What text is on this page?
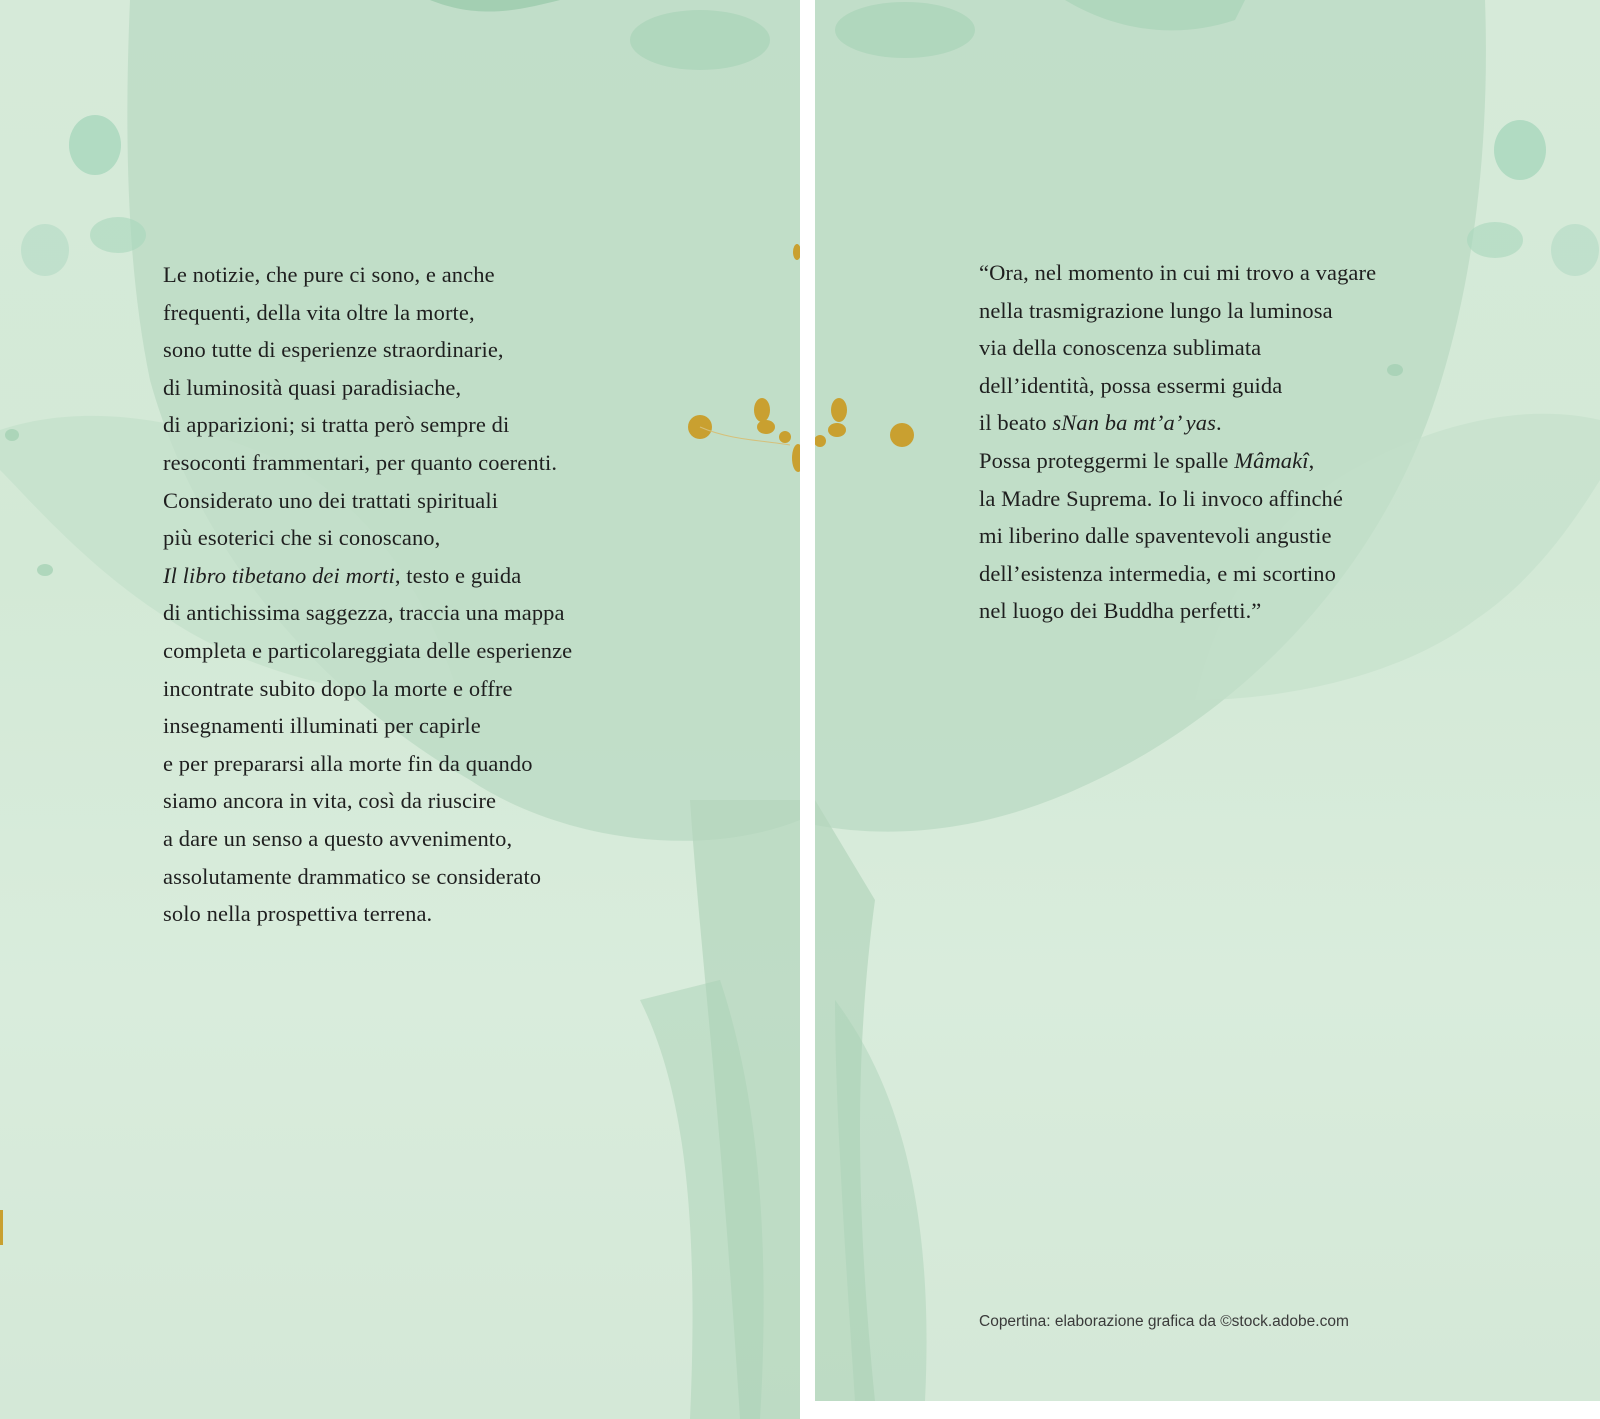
Le notizie, che pure ci sono, e anche
frequenti, della vita oltre la morte,
sono tutte di esperienze straordinarie,
di luminosità quasi paradisiache,
di apparizioni; si tratta però sempre di
resoconti frammentari, per quanto coerenti.
Considerato uno dei trattati spirituali
più esoterici che si conoscano,
Il libro tibetano dei morti, testo e guida
di antichissima saggezza, traccia una mappa
completa e particolareggiata delle esperienze
incontrate subito dopo la morte e offre
insegnamenti illuminati per capirle
e per prepararsi alla morte fin da quando
siamo ancora in vita, così da riuscire
a dare un senso a questo avvenimento,
assolutamente drammatico se considerato
solo nella prospettiva terrena.
“Ora, nel momento in cui mi trovo a vagare
nella trasmigrazione lungo la luminosa
via della conoscenza sublimata
dell’identità, possa essermi guida
il beato sNan ba mt’a’ yas.
Possa proteggermi le spalle Mâmakî,
la Madre Suprema. Io li invoco affinché
mi liberino dalle spaventevoli angustie
dell’esistenza intermedia, e mi scortino
nel luogo dei Buddha perfetti.”
Copertina: elaborazione grafica da ©stock.adobe.com
